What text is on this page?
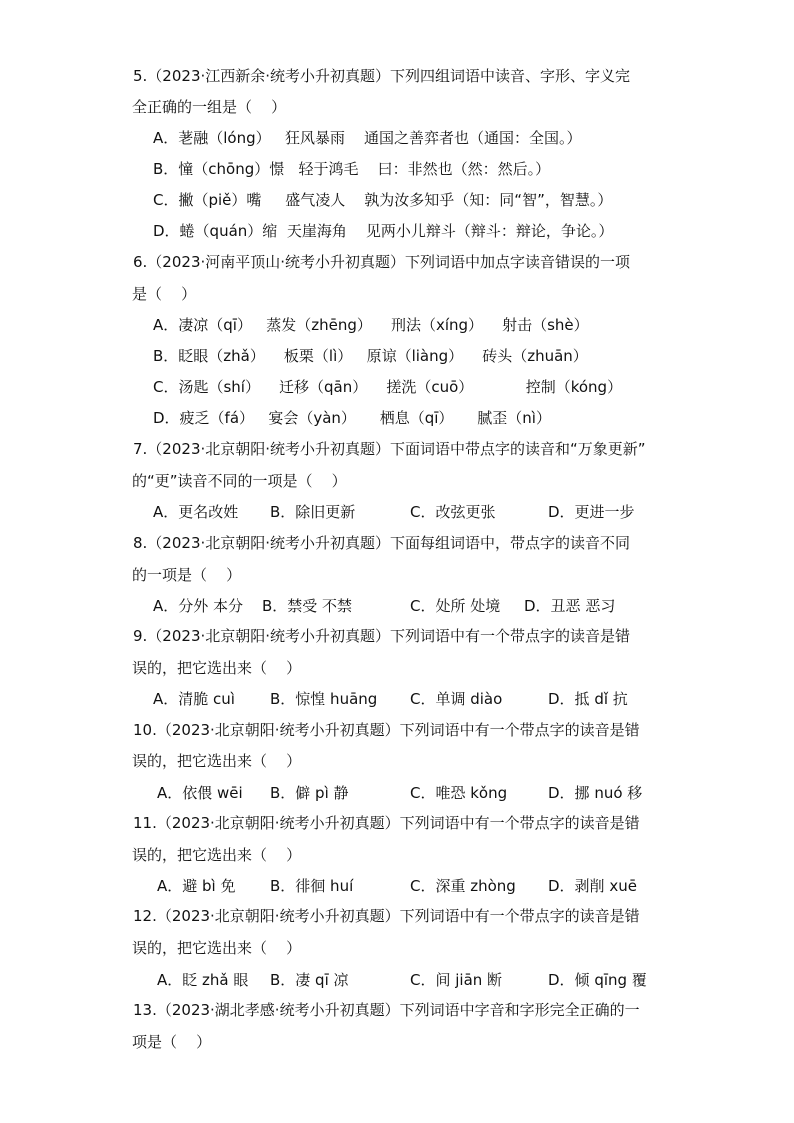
5.（2023·江西新余·统考小升初真题）下列四组词语中读音、字形、字义完
全正确的一组是（    ）
A．荖融（lóng）   狂风暴雨    通国之善弈者也（通国：全国。）
B．憧（chōng）憬   轻于鸿毛    曰：非然也（然：然后。）
C．撇（piě）嘴     盛气凌人    孰为汝多知乎（知：同“智”，智慧。）
D．蜷（quán）缩  天崖海角    见两小儿辩斗（辩斗：辩论，争论。）
6.（2023·河南平顶山·统考小升初真题）下列词语中加点字读音错误的一项
是（    ）
A．凄凉（qī）   蒸发（zhēng）    刑法（xíng）    射击（shè）
B．眨眼（zhǎ）    板栗（lì）   原谅（liàng）    砖头（zhuān）
C．汤匙（shí）    迁移（qān）    搓洗（cuō）           控制（kóng）
D．疲乏（fá）   宴会（yàn）     栖息（qī）     腻歪（nì）
7.（2023·北京朝阳·统考小升初真题）下面词语中带点字的读音和“万象更新”
的“更”读音不同的一项是（    ）
A．更名改姓 B．除旧更新	C．改弦更张	D．更进一步
8.（2023·北京朝阳·统考小升初真题）下面每组词语中，带点字的读音不同
的一项是（    ）
A．分外 本分 B．禁受 不禁	C．处所 处境 D．丑恶 恶习
9.（2023·北京朝阳·统考小升初真题）下列词语中有一个带点字的读音是错
误的，把它选出来（    ）
A．清脆 cuì B．惊惶 huāng C．单调 diào	D．抵 dǐ 抗
10.（2023·北京朝阳·统考小升初真题）下列词语中有一个带点字的读音是错
误的，把它选出来（    ）
A．依偎 wēi B．僻 pì 静	C．唯恐 kǒng	D．挪 nuó 移
11.（2023·北京朝阳·统考小升初真题）下列词语中有一个带点字的读音是错
误的，把它选出来（    ）
A．避 bì 免 B．徘徊 huí	C．深重 zhòng D．剥削 xuē
12.（2023·北京朝阳·统考小升初真题）下列词语中有一个带点字的读音是错
误的，把它选出来（    ）
A．眨 zhǎ 眼 B．凄 qī 凉	C．间 jiān 断	D．倾 qīng 覆
13.（2023·湖北孝感·统考小升初真题）下列词语中字音和字形完全正确的一
项是（    ）
